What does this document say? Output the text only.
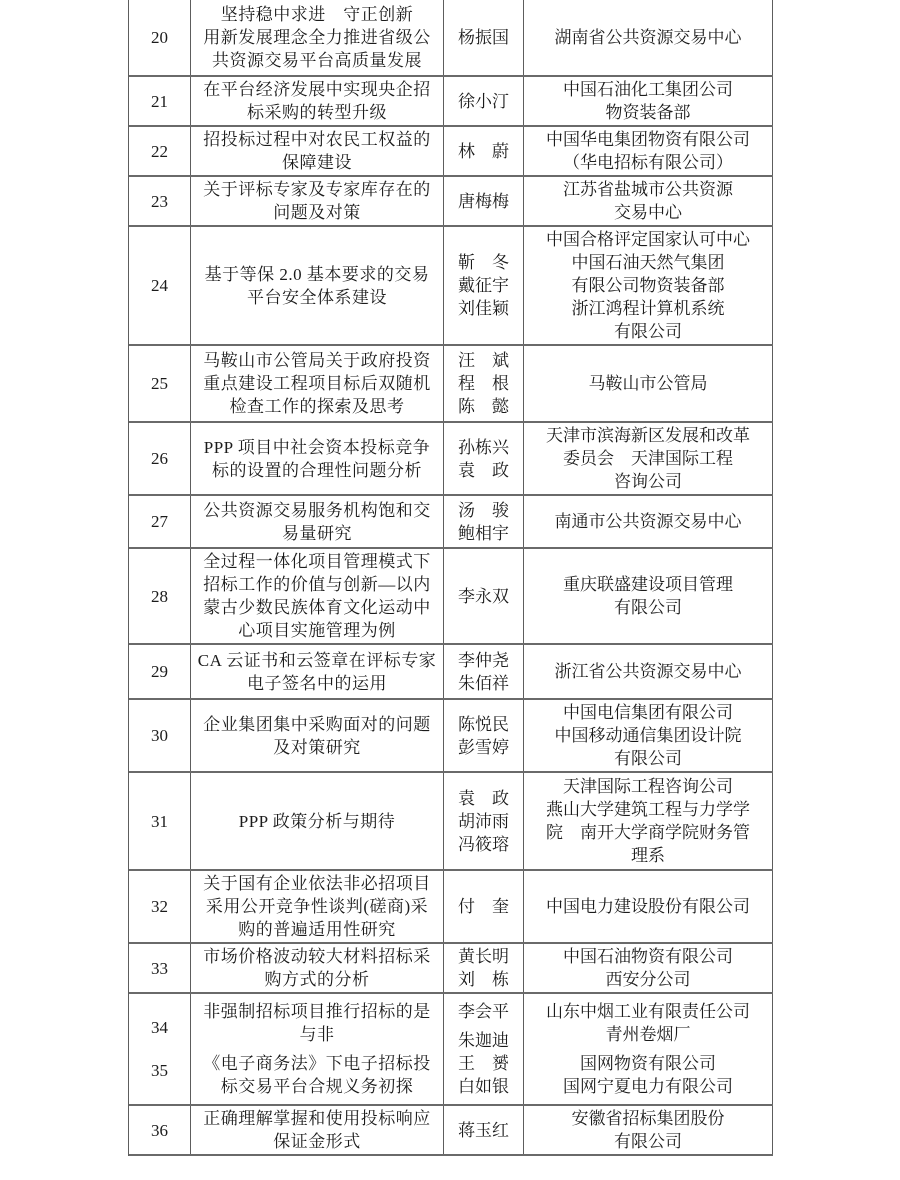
20
坚持稳中求进　守正创新
用新发展理念全力推进省级公
共资源交易平台高质量发展
杨振国	湖南省公共资源交易中心
21
在平台经济发展中实现央企招
标采购的转型升级
徐小汀
中国石油化工集团公司
物资装备部
22
招投标过程中对农民工权益的
保障建设
林　蔚
中国华电集团物资有限公司
（华电招标有限公司）
23
关于评标专家及专家库存在的
问题及对策
唐梅梅
江苏省盐城市公共资源
交易中心
24
基于等保 2.0 基本要求的交易
平台安全体系建设
靳　冬
戴征宇
刘佳颖
中国合格评定国家认可中心
中国石油天然气集团
有限公司物资装备部
浙江鸿程计算机系统
有限公司
25
马鞍山市公管局关于政府投资
重点建设工程项目标后双随机
检查工作的探索及思考
汪　斌
程　根
陈　懿
马鞍山市公管局
26
PPP 项目中社会资本投标竞争
标的设置的合理性问题分析
孙栋兴
袁　政
天津市滨海新区发展和改革
委员会　天津国际工程
咨询公司
27
公共资源交易服务机构饱和交
易量研究
汤　骏
鲍相宇
南通市公共资源交易中心
28
全过程一体化项目管理模式下
招标工作的价值与创新—以内
蒙古少数民族体育文化运动中
心项目实施管理为例
李永双
重庆联盛建设项目管理
有限公司
29
CA 云证书和云签章在评标专家
电子签名中的运用
李仲尧
朱佰祥
浙江省公共资源交易中心
30
企业集团集中采购面对的问题
及对策研究
陈悦民
彭雪婷
中国电信集团有限公司
中国移动通信集团设计院
有限公司
31	PPP 政策分析与期待
袁　政
胡沛雨
冯筱瑢
天津国际工程咨询公司
燕山大学建筑工程与力学学
院　南开大学商学院财务管
理系
32
关于国有企业依法非必招项目
采用公开竞争性谈判(磋商)采
购的普遍适用性研究
付　奎 中国电力建设股份有限公司
33
市场价格波动较大材料招标采
购方式的分析
黄长明
刘　栋
中国石油物资有限公司
西安分公司
34
35
非强制招标项目推行招标的是
与非
《电子商务法》下电子招标投
标交易平台合规义务初探
李会平
朱迦迪
王　赟
白如银
山东中烟工业有限责任公司
青州卷烟厂
国网物资有限公司
国网宁夏电力有限公司
36
正确理解掌握和使用投标响应
保证金形式
蒋玉红
安徽省招标集团股份
有限公司
